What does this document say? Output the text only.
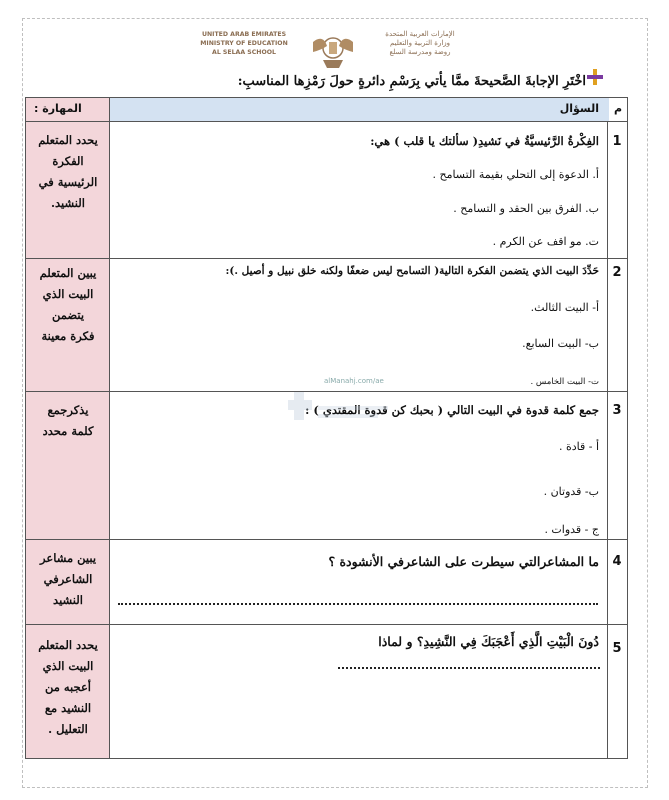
UNITED ARAB EMIRATES
MINISTRY OF EDUCATION
AL SELAA SCHOOL
الإمارات العربية المتحدة
وزارة التربية والتعليم
روضة ومدرسة السلع
اخْتَرِ الإجابةَ الصَّحيحةَ ممَّا يأتي بِرَسْمِ دائرةٍ حولَ رَمْزِها المناسبِ:
المهارة :	السؤال م
1
يحدد المتعلم
الفكرة
الرئيسية في
النشيد.
الفِكْرةُ الرَّئيسيَّةُ في نَشيدِ( سألتك يا قلب ) هي:
أ. الدعوة إلى التحلي بقيمة التسامح .
ب. الفرق بين الحقد و التسامح .
ت. مو اقف عن الكرم .
2
يبين المتعلم
البيت الذي
يتضمن
فكرة معينة
حَدِّدَ البيت الذي يتضمن الفكرة التالية( التسامح ليس ضعفًا ولكنه خلق نبيل و أصيل .):
أ- البيت الثالث.
ب- البيت السابع.
ت- البيت الخامس .
3
يذكرجمع
كلمة محدد
جمع كلمة قدوة في البيت التالي ( بحبك كن قدوة المقتدي ) :
أ - قادة .
ب- قدوتان .
ج - قدوات .
4
يبين مشاعر
الشاعرفي
النشيد
ما المشاعرالتي سيطرت على الشاعرفي الأنشودة ؟
5
يحدد المتعلم
البيت الذي
أعجبه من
النشيد مع
التعليل .
دُونَ الْبَيْتِ الَّذِي أَعْجَبَكَ فِي النَّشِيدِ؟ و لماذا
alManahj.com/ae
